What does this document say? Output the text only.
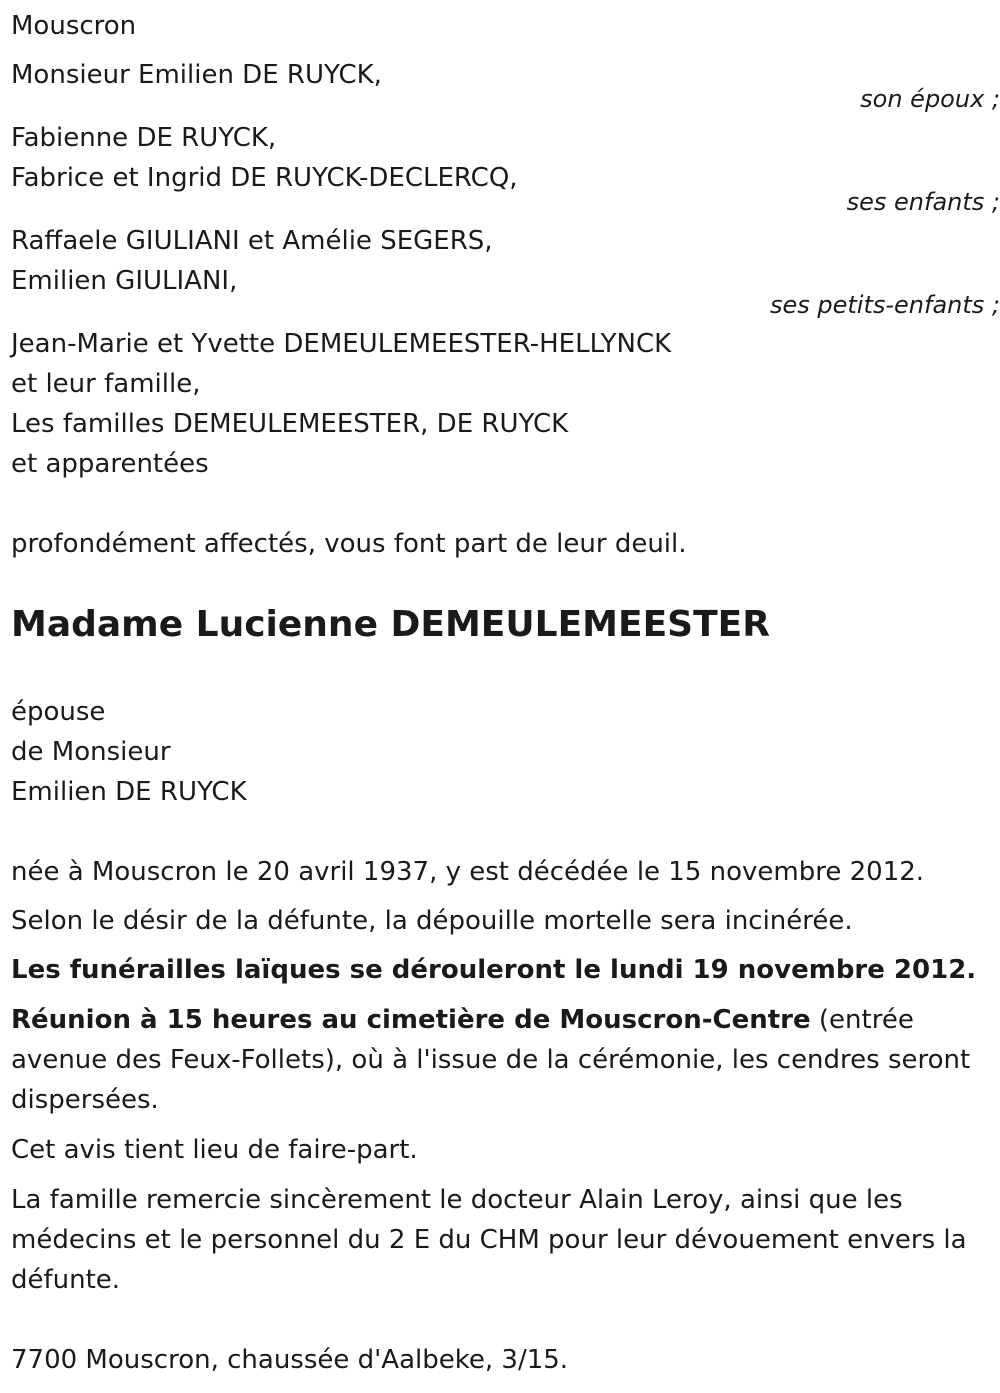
Mouscron

Monsieur Emilien DE RUYCK,

son époux ;

Fabienne DE RUYCK,

Fabrice et Ingrid DE RUYCK-DECLERCQ,

ses enfants ;

Raffaele GIULIANI et Amélie SEGERS,

Emilien GIULIANI,

ses petits-enfants ;

Jean-Marie et Yvette DEMEULEMEESTER-HELLYNCK

et leur famille,

Les familles DEMEULEMEESTER, DE RUYCK

et apparentées

profondément affectés, vous font part de leur deuil.

Madame Lucienne DEMEULEMEESTER

épouse

de Monsieur

Emilien DE RUYCK

née à Mouscron le 20 avril 1937, y est décédée le 15 novembre 2012.

Selon le désir de la défunte, la dépouille mortelle sera incinérée.

Les funérailles laïques se dérouleront le lundi 19 novembre 2012.

Réunion à 15 heures au cimetière de Mouscron-Centre (entrée avenue des Feux-Follets), où à l'issue de la cérémonie, les cendres seront dispersées.

Cet avis tient lieu de faire-part.

La famille remercie sincèrement le docteur Alain Leroy, ainsi que les médecins et le personnel du 2 E du CHM pour leur dévouement envers la défunte.

7700 Mouscron, chaussée d'Aalbeke, 3/15.
